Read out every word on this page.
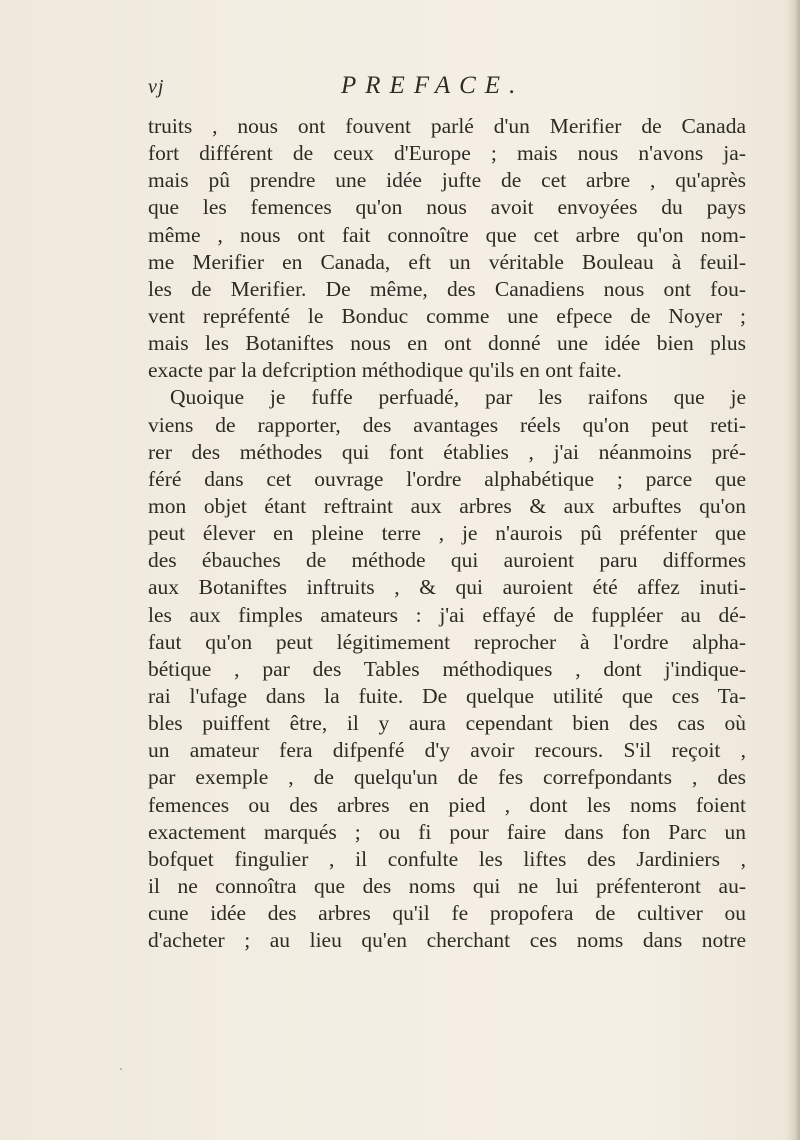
vj	PREFACE.
truits , nous ont fouvent parlé d'un Merifier de Canada
fort différent de ceux d'Europe ; mais nous n'avons ja-
mais pû prendre une idée jufte de cet arbre , qu'après
que les femences qu'on nous avoit envoyées du pays
même , nous ont fait connoître que cet arbre qu'on nom-
me Merifier en Canada, eft un véritable Bouleau à feuil-
les de Merifier. De même, des Canadiens nous ont fou-
vent repréfenté le Bonduc comme une efpece de Noyer ;
mais les Botaniftes nous en ont donné une idée bien plus
exacte par la defcription méthodique qu'ils en ont faite.
Quoique je fuffe perfuadé, par les raifons que je
viens de rapporter, des avantages réels qu'on peut reti-
rer des méthodes qui font établies , j'ai néanmoins pré-
féré dans cet ouvrage l'ordre alphabétique ; parce que
mon objet étant reftraint aux arbres & aux arbuftes qu'on
peut élever en pleine terre , je n'aurois pû préfenter que
des ébauches de méthode qui auroient paru difformes
aux Botaniftes inftruits , & qui auroient été affez inuti-
les aux fimples amateurs : j'ai effayé de fuppléer au dé-
faut qu'on peut légitimement reprocher à l'ordre alpha-
bétique , par des Tables méthodiques , dont j'indique-
rai l'ufage dans la fuite. De quelque utilité que ces Ta-
bles puiffent être, il y aura cependant bien des cas où
un amateur fera difpenfé d'y avoir recours. S'il reçoit ,
par exemple , de quelqu'un de fes correfpondants , des
femences ou des arbres en pied , dont les noms foient
exactement marqués ; ou fi pour faire dans fon Parc un
bofquet fingulier , il confulte les liftes des Jardiniers ,
il ne connoîtra que des noms qui ne lui préfenteront au-
cune idée des arbres qu'il fe propofera de cultiver ou
d'acheter ; au lieu qu'en cherchant ces noms dans notre
